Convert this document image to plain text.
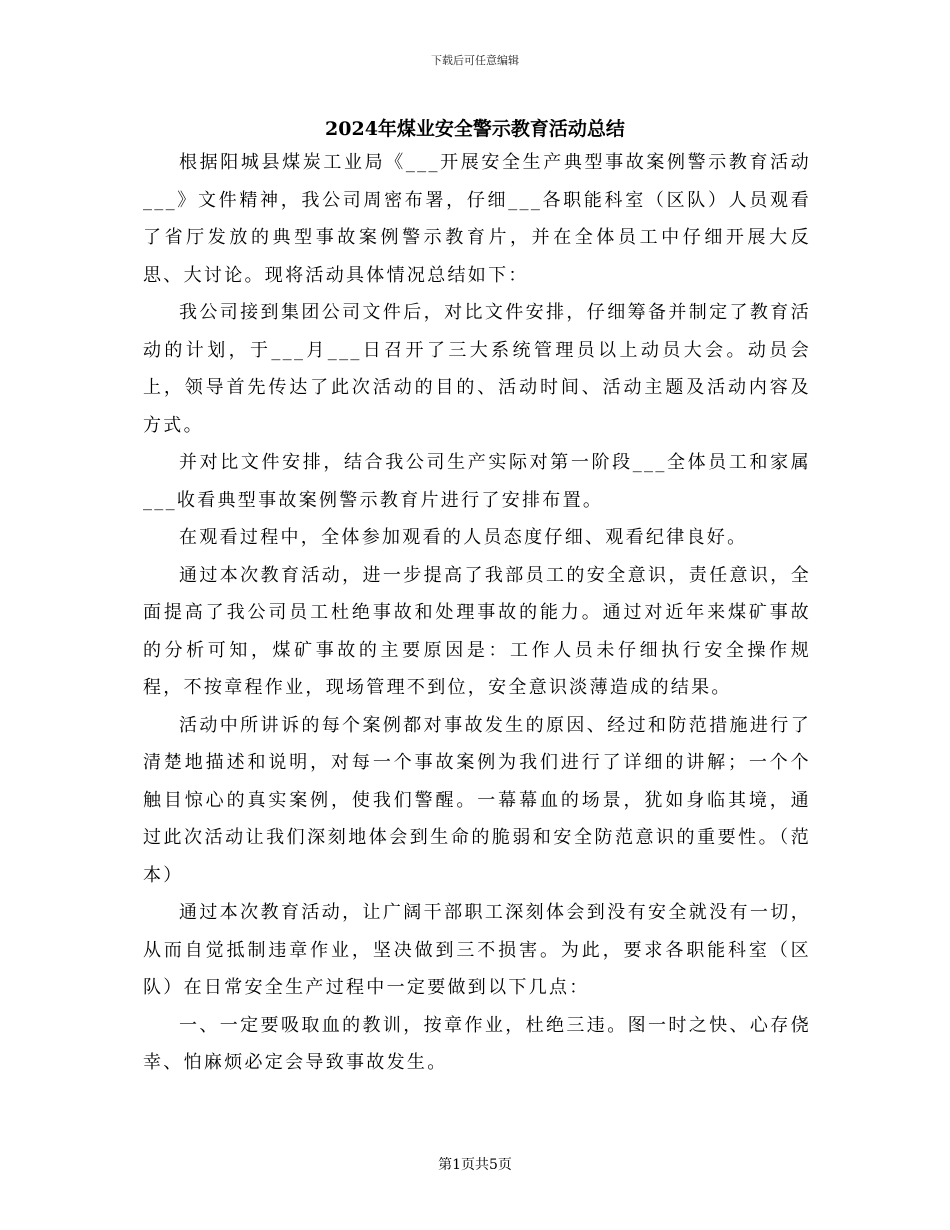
下载后可任意编辑
2024年煤业安全警示教育活动总结

根据阳城县煤炭工业局《___开展安全生产典型事故案例警示教育活动___》文件精神，我公司周密布署，仔细___各职能科室（区队）人员观看了省厅发放的典型事故案例警示教育片，并在全体员工中仔细开展大反思、大讨论。现将活动具体情况总结如下：

我公司接到集团公司文件后，对比文件安排，仔细筹备并制定了教育活动的计划，于___月___日召开了三大系统管理员以上动员大会。动员会上，领导首先传达了此次活动的目的、活动时间、活动主题及活动内容及方式。

并对比文件安排，结合我公司生产实际对第一阶段___全体员工和家属___收看典型事故案例警示教育片进行了安排布置。

在观看过程中，全体参加观看的人员态度仔细、观看纪律良好。

通过本次教育活动，进一步提高了我部员工的安全意识，责任意识，全面提高了我公司员工杜绝事故和处理事故的能力。通过对近年来煤矿事故的分析可知，煤矿事故的主要原因是：工作人员未仔细执行安全操作规程，不按章程作业，现场管理不到位，安全意识淡薄造成的结果。

活动中所讲诉的每个案例都对事故发生的原因、经过和防范措施进行了清楚地描述和说明，对每一个事故案例为我们进行了详细的讲解；一个个触目惊心的真实案例，使我们警醒。一幕幕血的场景，犹如身临其境，通过此次活动让我们深刻地体会到生命的脆弱和安全防范意识的重要性。（范本）

通过本次教育活动，让广阔干部职工深刻体会到没有安全就没有一切，从而自觉抵制违章作业，坚决做到三不损害。为此，要求各职能科室（区队）在日常安全生产过程中一定要做到以下几点：

一、一定要吸取血的教训，按章作业，杜绝三违。图一时之快、心存侥幸、怕麻烦必定会导致事故发生。

第1页共5页
